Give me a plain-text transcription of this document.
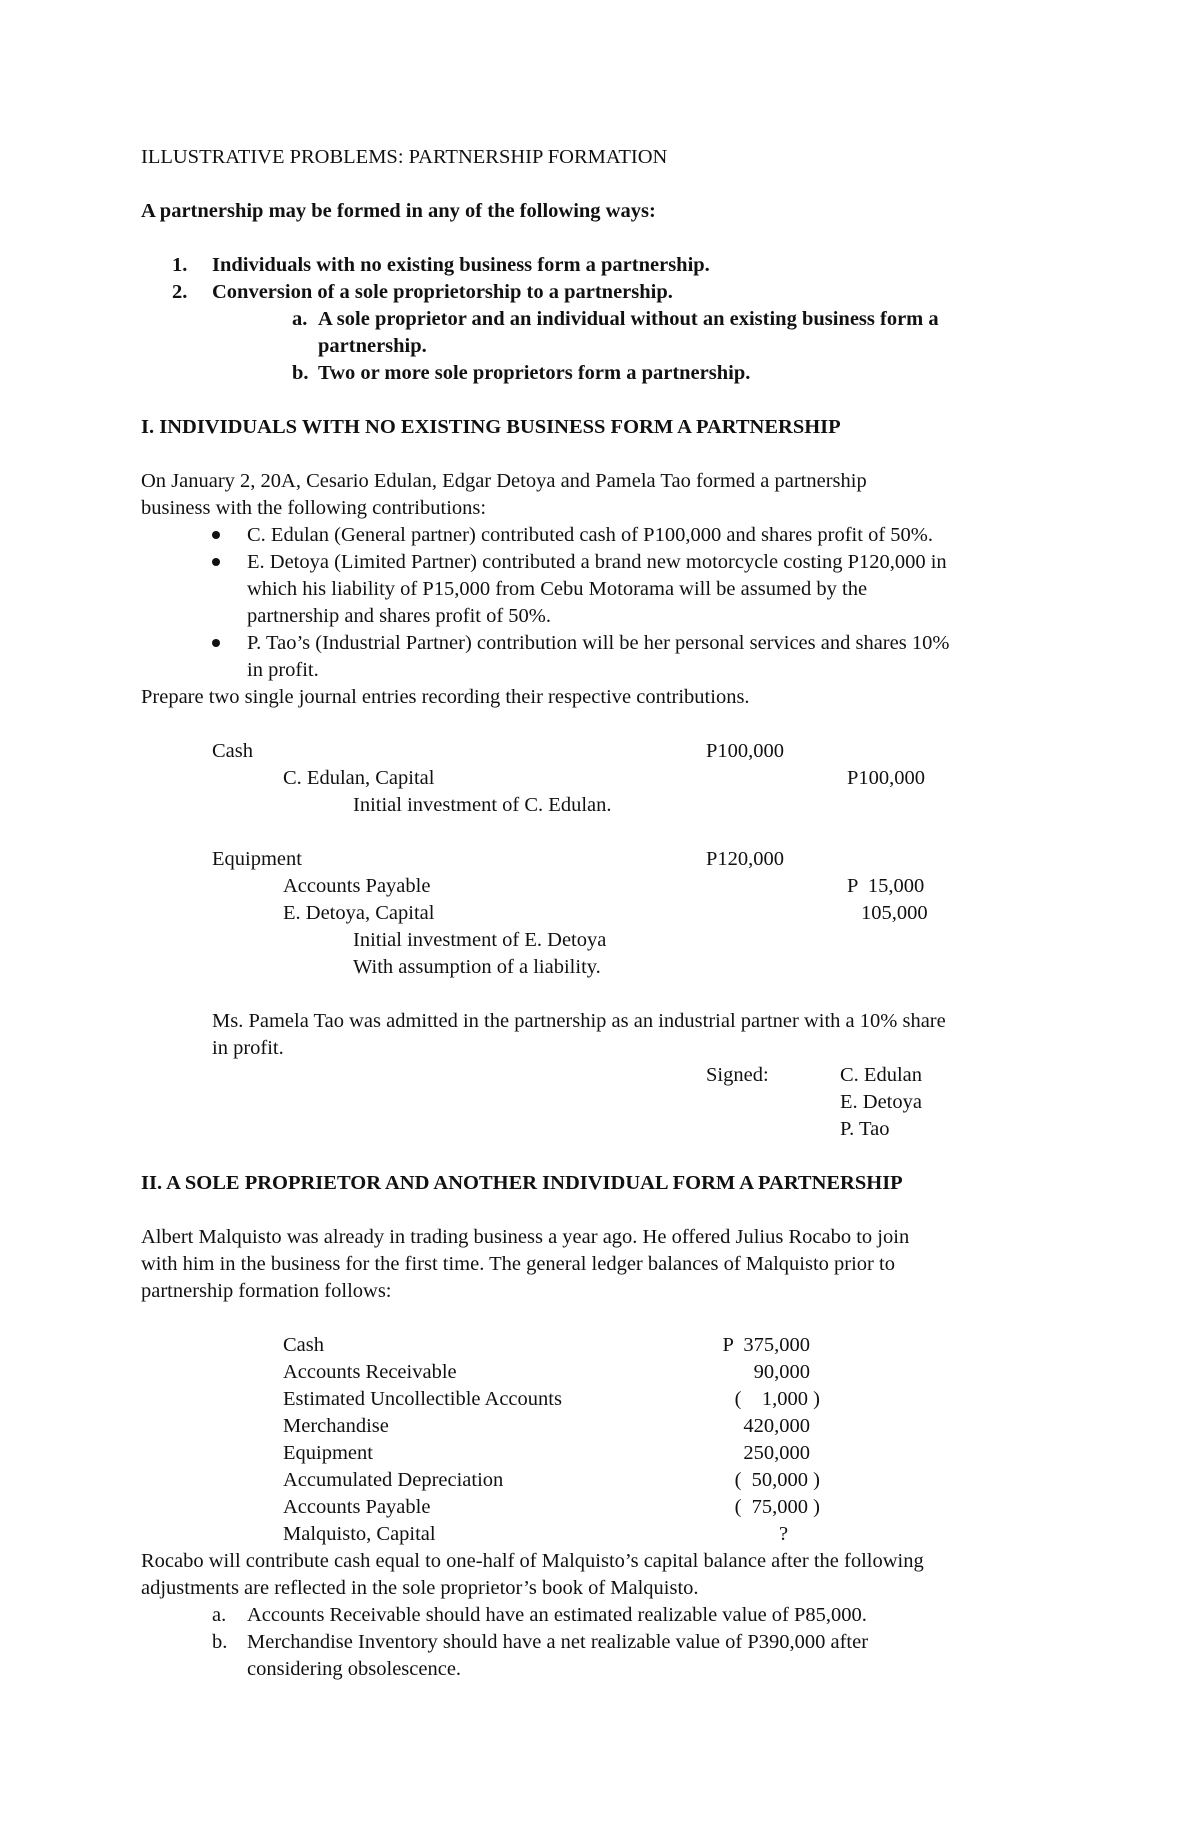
ILLUSTRATIVE PROBLEMS: PARTNERSHIP FORMATION
A partnership may be formed in any of the following ways:
1. Individuals with no existing business form a partnership.
2. Conversion of a sole proprietorship to a partnership.
a. A sole proprietor and an individual without an existing business form a
partnership.
b. Two or more sole proprietors form a partnership.
I. INDIVIDUALS WITH NO EXISTING BUSINESS FORM A PARTNERSHIP
On January 2, 20A, Cesario Edulan, Edgar Detoya and Pamela Tao formed a partnership
business with the following contributions:
C. Edulan (General partner) contributed cash of P100,000 and shares profit of 50%.
E. Detoya (Limited Partner) contributed a brand new motorcycle costing P120,000 in
which his liability of P15,000 from Cebu Motorama will be assumed by the
partnership and shares profit of 50%.
P. Tao’s (Industrial Partner) contribution will be her personal services and shares 10%
in profit.
Prepare two single journal entries recording their respective contributions.
Cash	P100,000
C. Edulan, Capital	P100,000
Initial investment of C. Edulan.
Equipment	P120,000
Accounts Payable	P  15,000
E. Detoya, Capital	105,000
Initial investment of E. Detoya
With assumption of a liability.
Ms. Pamela Tao was admitted in the partnership as an industrial partner with a 10% share
in profit.
Signed:	C. Edulan
E. Detoya
P. Tao
II. A SOLE PROPRIETOR AND ANOTHER INDIVIDUAL FORM A PARTNERSHIP
Albert Malquisto was already in trading business a year ago. He offered Julius Rocabo to join
with him in the business for the first time. The general ledger balances of Malquisto prior to
partnership formation follows:
Cash	P  375,000
Accounts Receivable	90,000
Estimated Uncollectible Accounts	(    1,000 )
Merchandise	420,000
Equipment	250,000
Accumulated Depreciation	(  50,000 )
Accounts Payable	(  75,000 )
Malquisto, Capital	?
Rocabo will contribute cash equal to one-half of Malquisto’s capital balance after the following
adjustments are reflected in the sole proprietor’s book of Malquisto.
a. Accounts Receivable should have an estimated realizable value of P85,000.
b. Merchandise Inventory should have a net realizable value of P390,000 after
considering obsolescence.
